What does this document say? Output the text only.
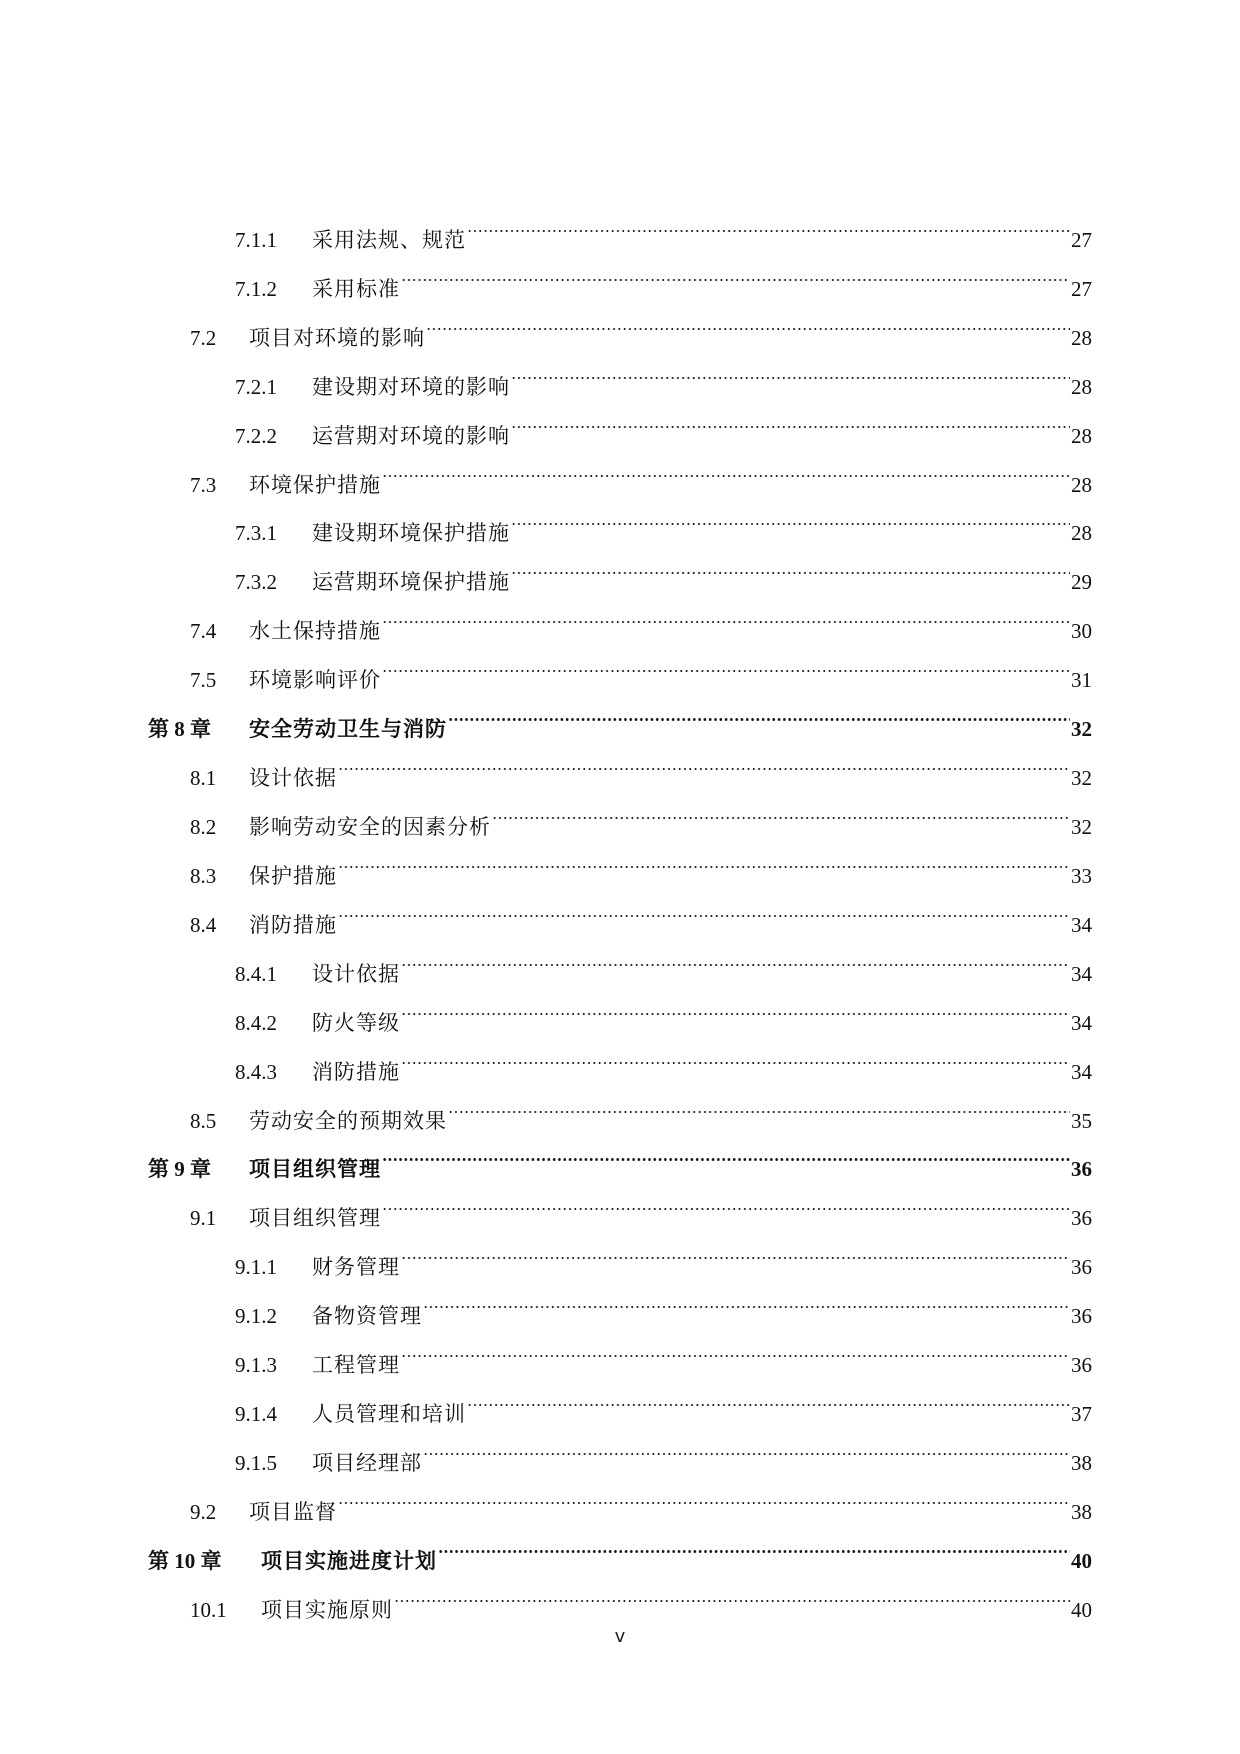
7.1.1	采用法规、规范	27
7.1.2	采用标准	27
7.2	项目对环境的影响	28
7.2.1	建设期对环境的影响	28
7.2.2	运营期对环境的影响	28
7.3	环境保护措施	28
7.3.1	建设期环境保护措施	28
7.3.2	运营期环境保护措施	29
7.4	水土保持措施	30
7.5	环境影响评价	31
第 8 章	安全劳动卫生与消防	32
8.1	设计依据	32
8.2	影响劳动安全的因素分析	32
8.3	保护措施	33
8.4	消防措施	34
8.4.1	设计依据	34
8.4.2	防火等级	34
8.4.3	消防措施	34
8.5	劳动安全的预期效果	35
第 9 章	项目组织管理	36
9.1	项目组织管理	36
9.1.1	财务管理	36
9.1.2	备物资管理	36
9.1.3	工程管理	36
9.1.4	人员管理和培训	37
9.1.5	项目经理部	38
9.2	项目监督	38
第 10 章	项目实施进度计划	40
10.1	项目实施原则	40
v
